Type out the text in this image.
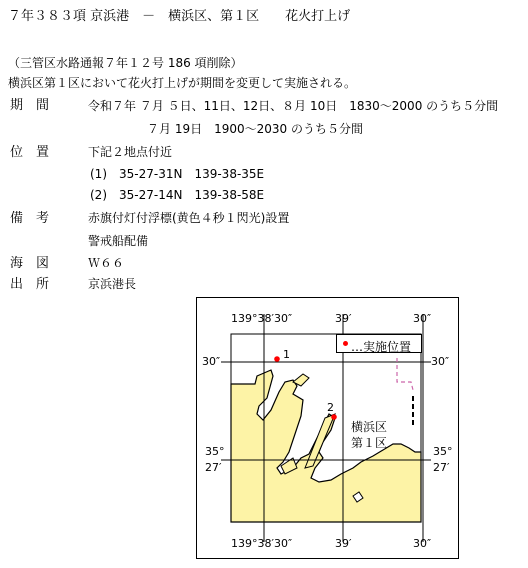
７年３８３項 京浜港　－　横浜区、第１区　　花火打上げ
（三管区水路通報７年１２号 186 項削除）
横浜区第１区において花火打上げが期間を変更して実施される。
期　間	令和７年 ７月 ５日、11日、12日、８月 10日　1830～2000 のうち５分間
７月 19日　1900～2030 のうち５分間
位　置	下記２地点付近
(1)　35-27-31N　139-38-35E
(2)　35-27-14N　139-38-58E
備　考	赤旗付灯付浮標(黄色４秒１閃光)設置
警戒船配備
海　図	Ｗ６６
出　所	京浜港長
139°38′30″	39′	30″
139°38′30″	39′	30″
30″
35°
27′
30″
35°
27′
…実施位置
1
2
横浜区
第１区
